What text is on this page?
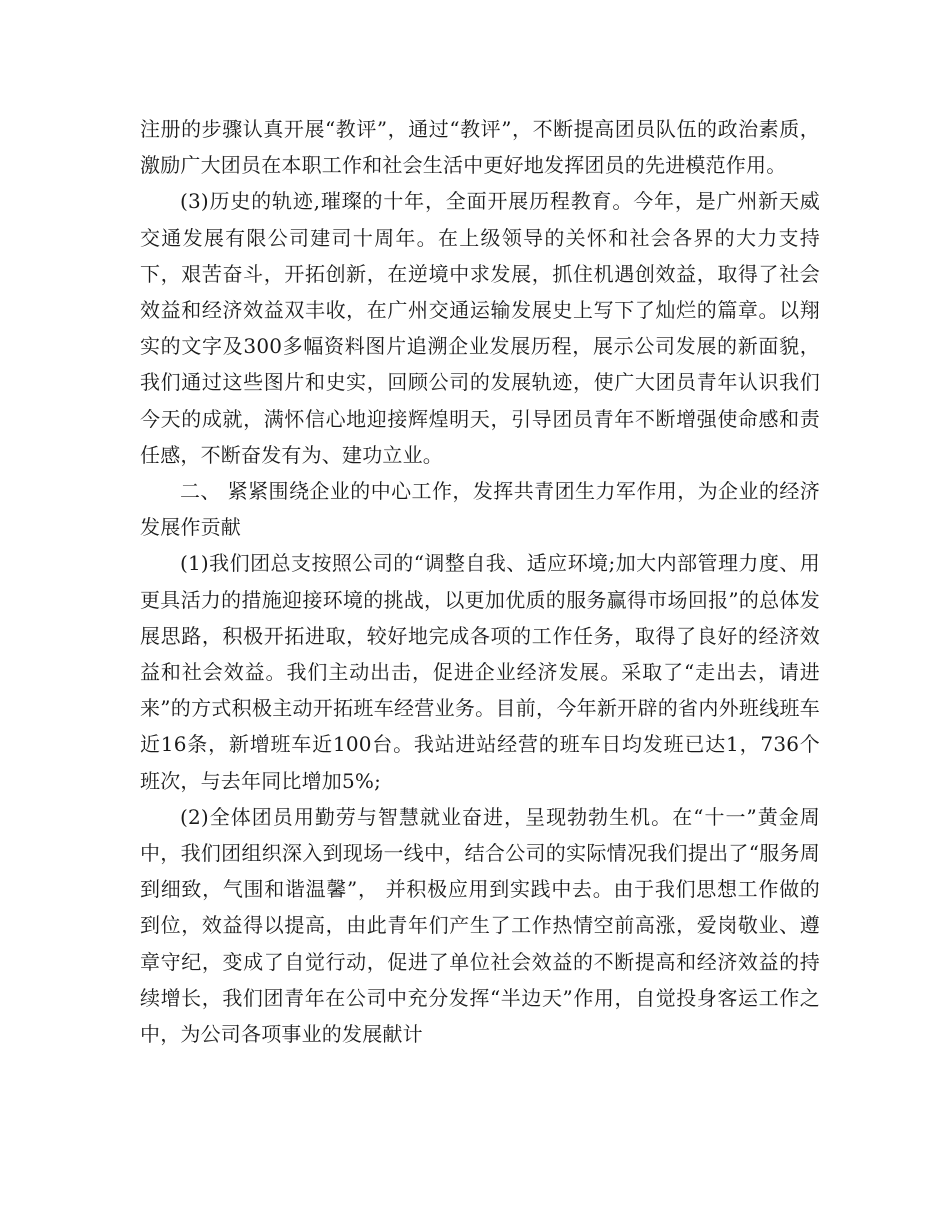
注册的步骤认真开展“教评”，通过“教评”，不断提高团员队伍的政治素质，激励广大团员在本职工作和社会生活中更好地发挥团员的先进模范作用。

(3)历史的轨迹,璀璨的十年，全面开展历程教育。今年，是广州新天威交通发展有限公司建司十周年。在上级领导的关怀和社会各界的大力支持下，艰苦奋斗，开拓创新，在逆境中求发展，抓住机遇创效益，取得了社会效益和经济效益双丰收，在广州交通运输发展史上写下了灿烂的篇章。以翔实的文字及300多幅资料图片追溯企业发展历程，展示公司发展的新面貌，我们通过这些图片和史实，回顾公司的发展轨迹，使广大团员青年认识我们今天的成就，满怀信心地迎接辉煌明天，引导团员青年不断增强使命感和责任感，不断奋发有为、建功立业。

二、 紧紧围绕企业的中心工作，发挥共青团生力军作用，为企业的经济发展作贡献

(1)我们团总支按照公司的“调整自我、适应环境;加大内部管理力度、用更具活力的措施迎接环境的挑战，以更加优质的服务赢得市场回报”的总体发展思路，积极开拓进取，较好地完成各项的工作任务，取得了良好的经济效益和社会效益。我们主动出击，促进企业经济发展。采取了“走出去，请进来”的方式积极主动开拓班车经营业务。目前，今年新开辟的省内外班线班车近16条，新增班车近100台。我站进站经营的班车日均发班已达1，736个班次，与去年同比增加5%;

(2)全体团员用勤劳与智慧就业奋进，呈现勃勃生机。在“十一”黄金周中，我们团组织深入到现场一线中，结合公司的实际情况我们提出了“服务周到细致，气围和谐温馨”， 并积极应用到实践中去。由于我们思想工作做的到位，效益得以提高，由此青年们产生了工作热情空前高涨，爱岗敬业、遵章守纪，变成了自觉行动，促进了单位社会效益的不断提高和经济效益的持续增长，我们团青年在公司中充分发挥“半边天”作用，自觉投身客运工作之中，为公司各项事业的发展献计
